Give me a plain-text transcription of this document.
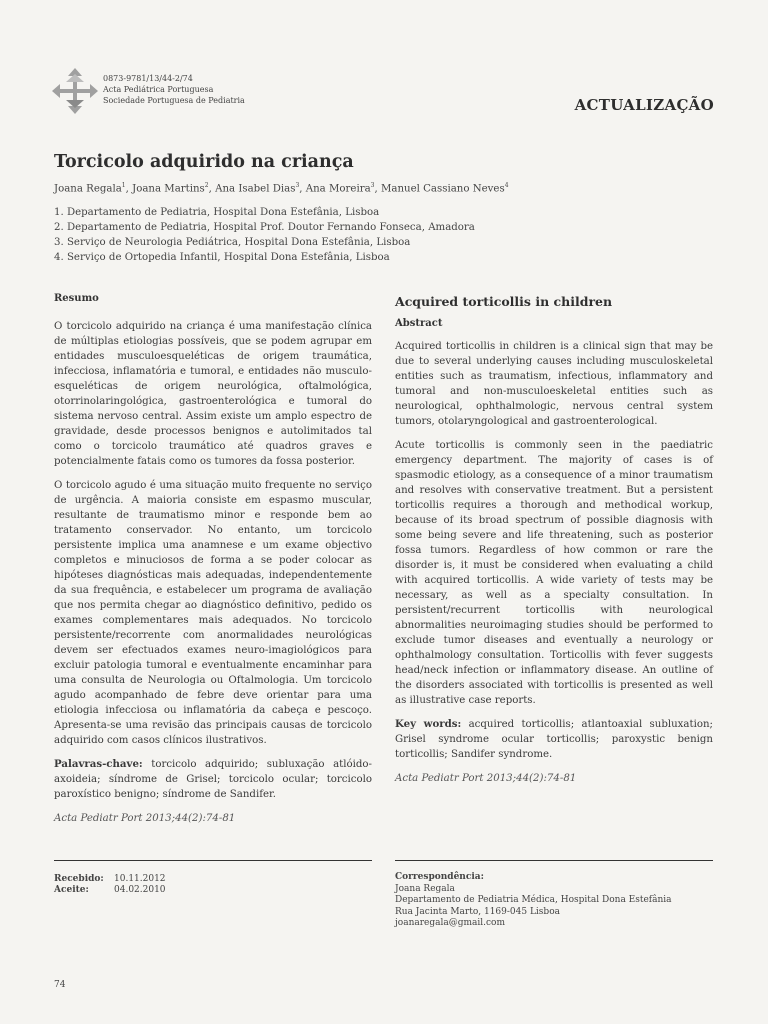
0873-9781/13/44-2/74
Acta Pediátrica Portuguesa
Sociedade Portuguesa de Pediatria	ACTUALIZAÇÃO
Torcicolo adquirido na criança
Joana Regala$^1$, Joana Martins$^2$, Ana Isabel Dias$^3$, Ana Moreira$^3$, Manuel Cassiano Neves$^4$
1. Departamento de Pediatria, Hospital Dona Estefânia, Lisboa
2. Departamento de Pediatria, Hospital Prof. Doutor Fernando Fonseca, Amadora
3. Serviço de Neurologia Pediátrica, Hospital Dona Estefânia, Lisboa
4. Serviço de Ortopedia Infantil, Hospital Dona Estefânia, Lisboa
Resumo

O torcicolo adquirido na criança é uma manifestação clínica de múltiplas etiologias possíveis, que se podem agrupar em entidades musculoesqueléticas de origem traumática, infecciosa, inflamatória e tumoral, e entidades não musculo-esqueléticas de origem neurológica, oftalmológica, otorrinolaringológica, gastroenterológica e tumoral do sistema nervoso central. Assim existe um amplo espectro de gravidade, desde processos benignos e autolimitados tal como o torcicolo traumático até quadros graves e potencialmente fatais como os tumores da fossa posterior.

O torcicolo agudo é uma situação muito frequente no serviço de urgência. A maioria consiste em espasmo muscular, resultante de traumatismo minor e responde bem ao tratamento conservador. No entanto, um torcicolo persistente implica uma anamnese e um exame objectivo completos e minuciosos de forma a se poder colocar as hipóteses diagnósticas mais adequadas, independentemente da sua frequência, e estabelecer um programa de avaliação que nos permita chegar ao diagnóstico definitivo, pedido os exames complementares mais adequados. No torcicolo persistente/recorrente com anormalidades neurológicas devem ser efectuados exames neuro-imagiológicos para excluir patologia tumoral e eventualmente encaminhar para uma consulta de Neurologia ou Oftalmologia. Um torcicolo agudo acompanhado de febre deve orientar para uma etiologia infecciosa ou inflamatória da cabeça e pescoço. Apresenta-se uma revisão das principais causas de torcicolo adquirido com casos clínicos ilustrativos.

Palavras-chave: torcicolo adquirido; subluxação atlóido-axoideia; síndrome de Grisel; torcicolo ocular; torcicolo paroxístico benigno; síndrome de Sandifer.

Acta Pediatr Port 2013;44(2):74-81

Acquired torticollis in children
Abstract

Acquired torticollis in children is a clinical sign that may be due to several underlying causes including musculoskeletal entities such as traumatism, infectious, inflammatory and tumoral and non-musculoeskeletal entities such as neurological, ophthalmologic, nervous central system tumors, otolaryngological and gastroenterological.

Acute torticollis is commonly seen in the paediatric emergency department. The majority of cases is of spasmodic etiology, as a consequence of a minor traumatism and resolves with conservative treatment. But a persistent torticollis requires a thorough and methodical workup, because of its broad spectrum of possible diagnosis with some being severe and life threatening, such as posterior fossa tumors. Regardless of how common or rare the disorder is, it must be considered when evaluating a child with acquired torticollis. A wide variety of tests may be necessary, as well as a specialty consultation. In persistent/recurrent torticollis with neurological abnormalities neuroimaging studies should be performed to exclude tumor diseases and eventually a neurology or ophthalmology consultation. Torticollis with fever suggests head/neck infection or inflammatory disease. An outline of the disorders associated with torticollis is presented as well as illustrative case reports.

Key words: acquired torticollis; atlantoaxial subluxation; Grisel syndrome ocular torticollis; paroxystic benign torticollis; Sandifer syndrome.

Acta Pediatr Port 2013;44(2):74-81

Recebido: 10.11.2012
Aceite:	04.02.2010
Correspondência:
Joana Regala
Departamento de Pediatria Médica, Hospital Dona Estefânia
Rua Jacinta Marto, 1169-045 Lisboa
joanaregala@gmail.com
74
